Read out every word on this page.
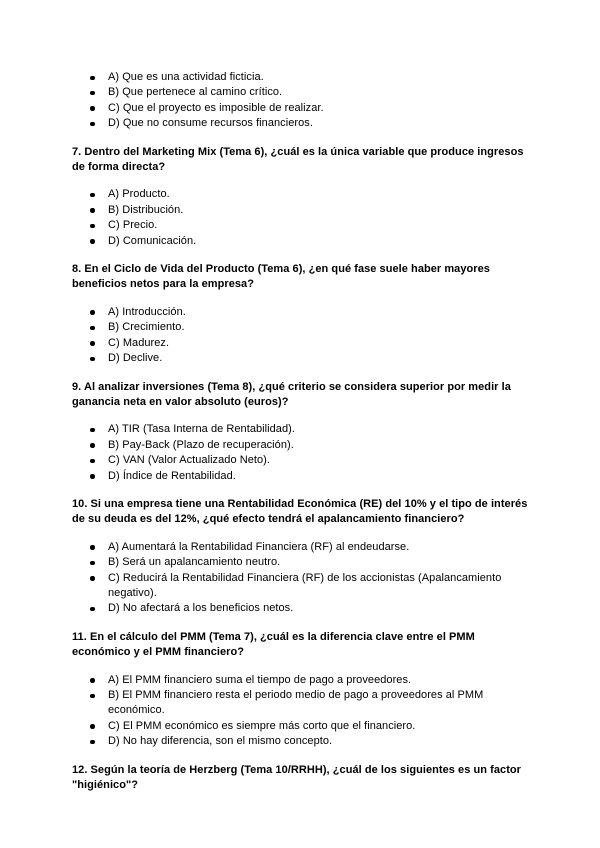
A) Que es una actividad ficticia.
B) Que pertenece al camino crítico.
C) Que el proyecto es imposible de realizar.
D) Que no consume recursos financieros.
7. Dentro del Marketing Mix (Tema 6), ¿cuál es la única variable que produce ingresos de forma directa?
A) Producto.
B) Distribución.
C) Precio.
D) Comunicación.
8. En el Ciclo de Vida del Producto (Tema 6), ¿en qué fase suele haber mayores beneficios netos para la empresa?
A) Introducción.
B) Crecimiento.
C) Madurez.
D) Declive.
9. Al analizar inversiones (Tema 8), ¿qué criterio se considera superior por medir la ganancia neta en valor absoluto (euros)?
A) TIR (Tasa Interna de Rentabilidad).
B) Pay-Back (Plazo de recuperación).
C) VAN (Valor Actualizado Neto).
D) Índice de Rentabilidad.
10. Si una empresa tiene una Rentabilidad Económica (RE) del 10% y el tipo de interés de su deuda es del 12%, ¿qué efecto tendrá el apalancamiento financiero?
A) Aumentará la Rentabilidad Financiera (RF) al endeudarse.
B) Será un apalancamiento neutro.
C) Reducirá la Rentabilidad Financiera (RF) de los accionistas (Apalancamiento negativo).
D) No afectará a los beneficios netos.
11. En el cálculo del PMM (Tema 7), ¿cuál es la diferencia clave entre el PMM económico y el PMM financiero?
A) El PMM financiero suma el tiempo de pago a proveedores.
B) El PMM financiero resta el periodo medio de pago a proveedores al PMM económico.
C) El PMM económico es siempre más corto que el financiero.
D) No hay diferencia, son el mismo concepto.
12. Según la teoría de Herzberg (Tema 10/RRHH), ¿cuál de los siguientes es un factor "higiénico"?
